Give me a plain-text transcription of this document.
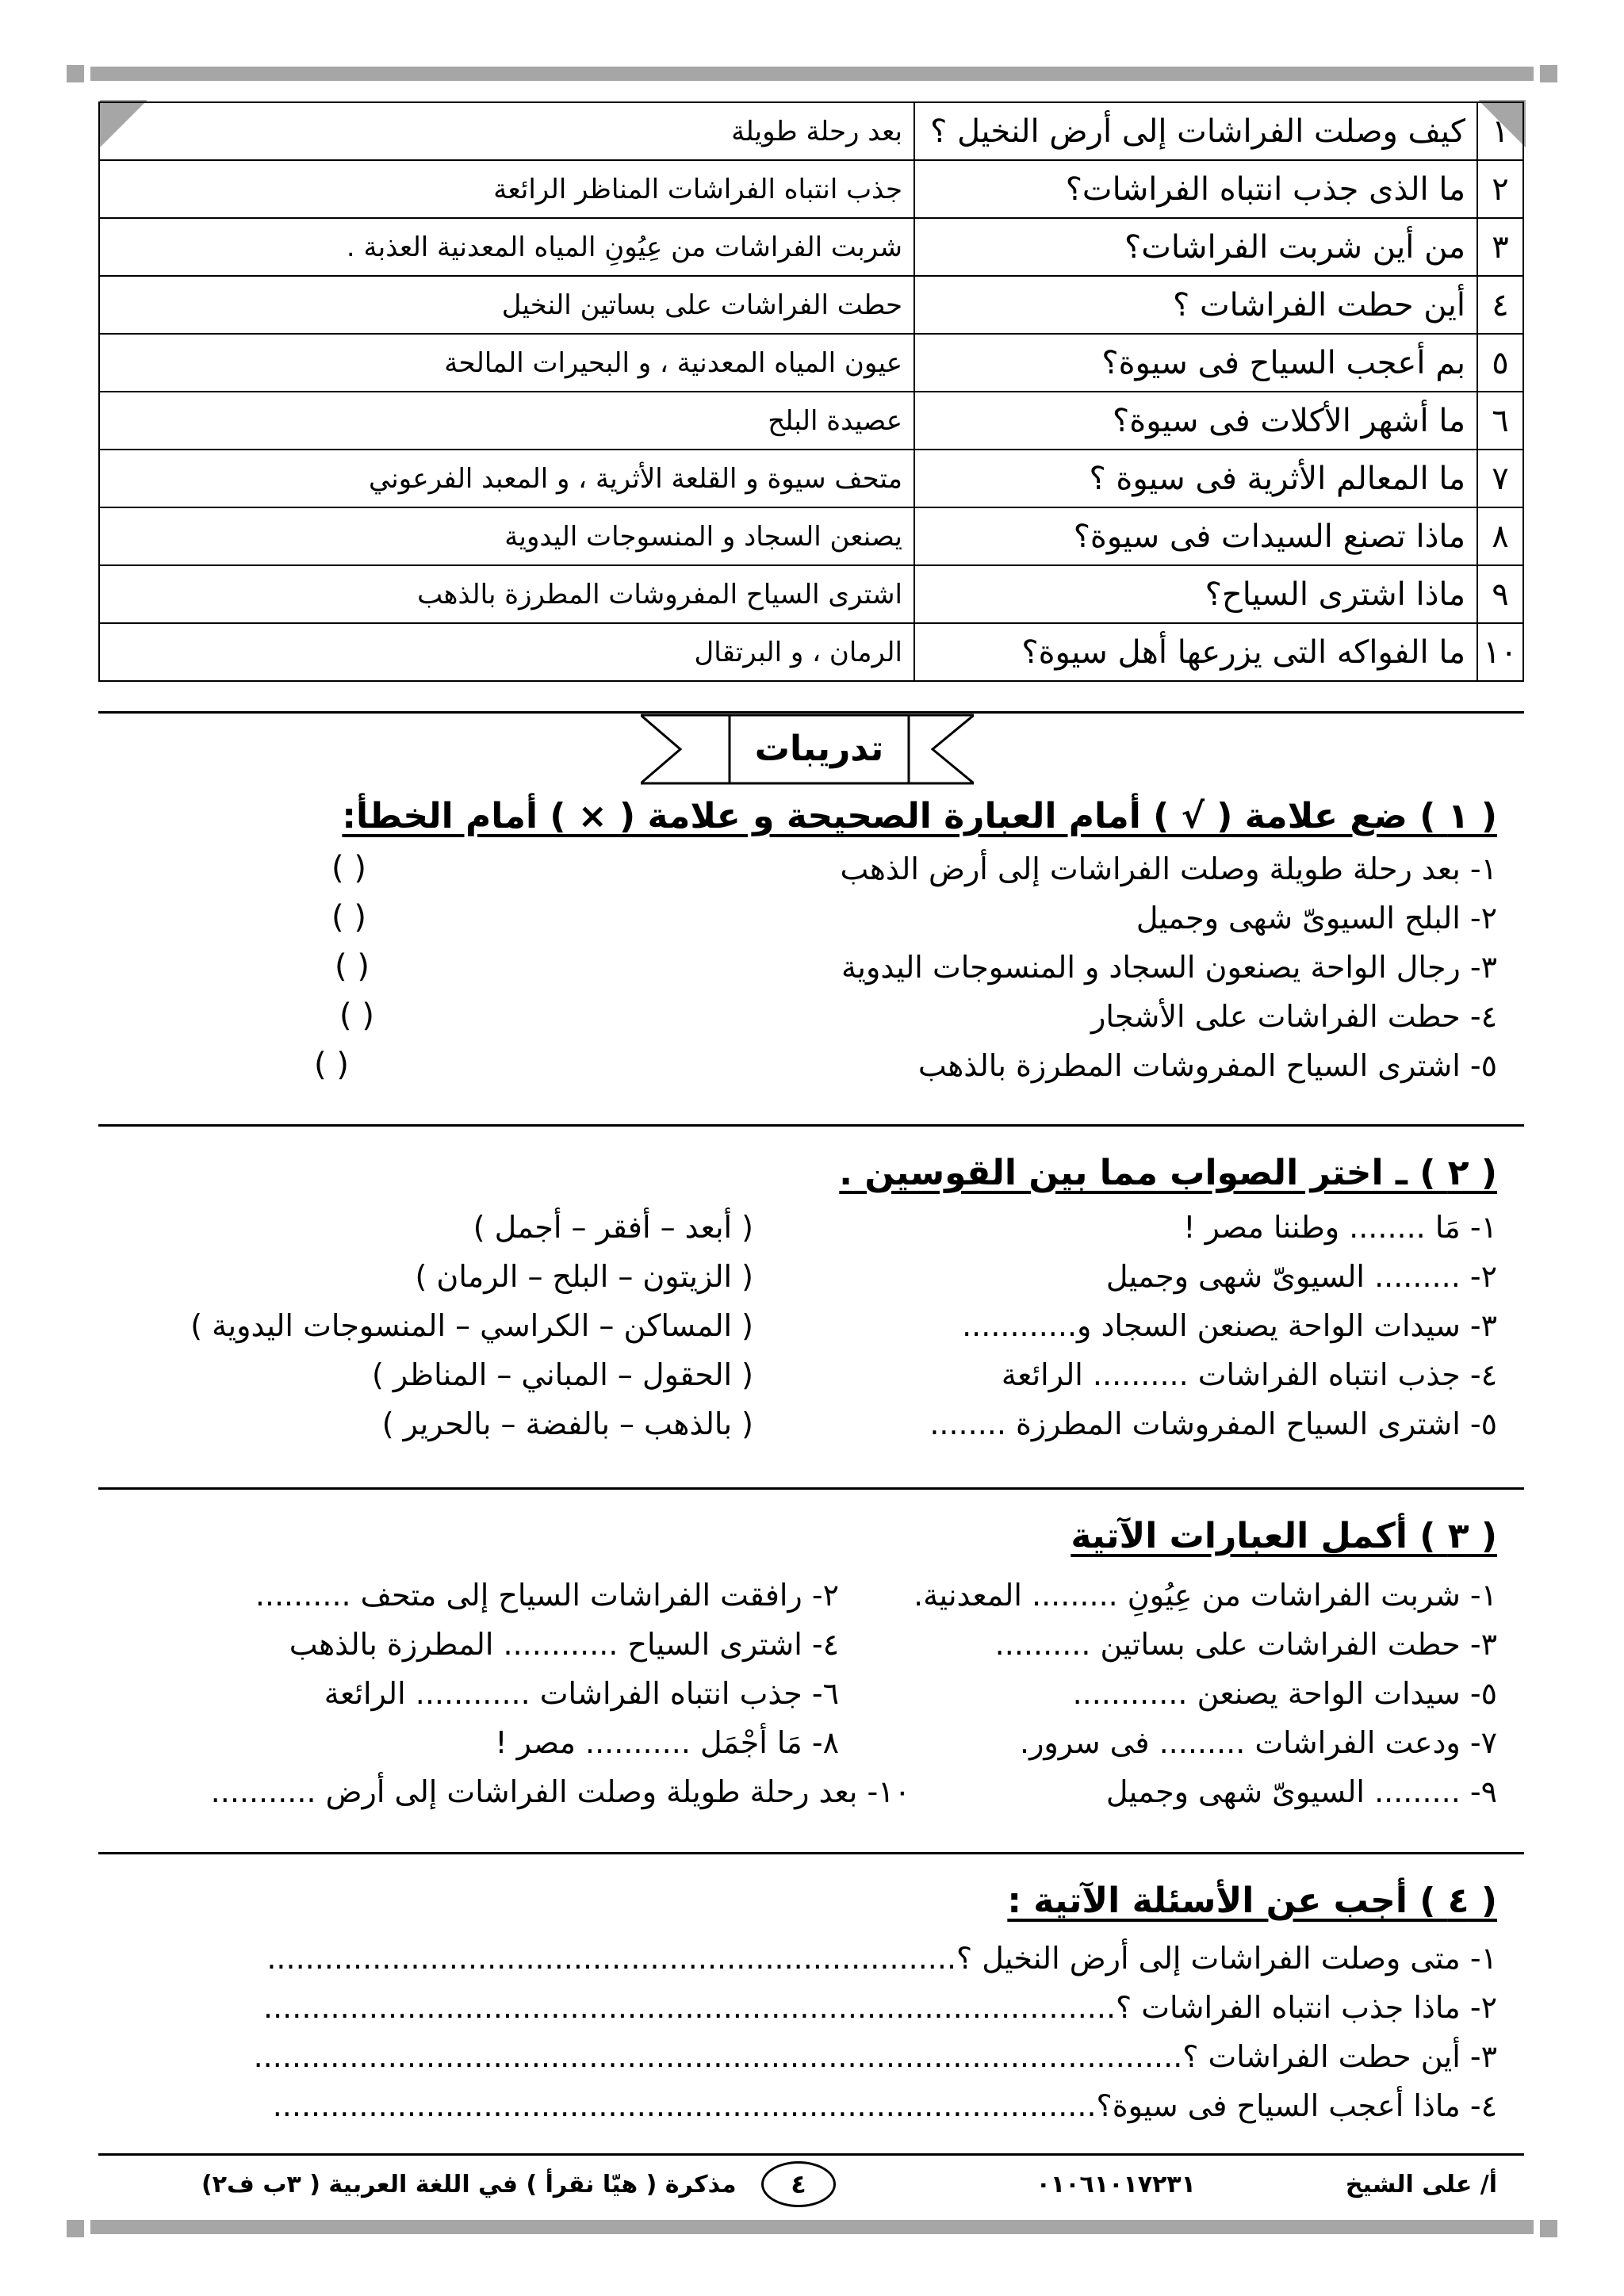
١	كيف وصلت الفراشات إلى أرض النخيل ؟	بعد رحلة طويلة
٢	ما الذى جذب انتباه الفراشات؟	جذب انتباه الفراشات المناظر الرائعة
٣	من أين شربت الفراشات؟	شربت الفراشات من عِيُونِ المياه المعدنية العذبة .
٤	أين حطت الفراشات ؟	حطت الفراشات على بساتين النخيل
٥	بم أعجب السياح فى سيوة؟	عيون المياه المعدنية ، و البحيرات المالحة
٦	ما أشهر الأكلات فى سيوة؟	عصيدة البلح
٧	ما المعالم الأثرية فى سيوة ؟	متحف سيوة و القلعة الأثرية ، و المعبد الفرعوني
٨	ماذا تصنع السيدات فى سيوة؟	يصنعن السجاد و المنسوجات اليدوية
٩	ماذا اشترى السياح؟	اشترى السياح المفروشات المطرزة بالذهب
١٠	ما الفواكه التى يزرعها أهل سيوة؟	الرمان ، و البرتقال
تدريبات
( ١ ) ضع علامة ( √ ) أمام العبارة الصحيحة و علامة ( × ) أمام الخطأ:
١- بعد رحلة طويلة وصلت الفراشات إلى أرض الذهب
٢- البلح السيوىّ شهى وجميل
٣- رجال الواحة يصنعون السجاد و المنسوجات اليدوية
٤- حطت الفراشات على الأشجار
٥- اشترى السياح المفروشات المطرزة بالذهب
( )
( )
( )
( )
( )
( ٢ ) ـ اختر الصواب مما بين القوسين .
١- مَا ........ وطننا مصر !
٢- ......... السيوىّ شهى وجميل
٣- سيدات الواحة يصنعن السجاد و............
٤- جذب انتباه الفراشات .......... الرائعة
٥- اشترى السياح المفروشات المطرزة ........
( أبعد – أفقر – أجمل )
( الزيتون – البلح – الرمان )
( المساكن – الكراسي – المنسوجات اليدوية )
( الحقول – المباني – المناظر )
( بالذهب – بالفضة – بالحرير )
( ٣ ) أكمل العبارات الآتية
١- شربت الفراشات من عِيُونِ ......... المعدنية.
٣- حطت الفراشات على بساتين ..........
٥- سيدات الواحة يصنعن ............
٧- ودعت الفراشات ......... فى سرور.
٩- ......... السيوىّ شهى وجميل
٢- رافقت الفراشات السياح إلى متحف ..........
٤- اشترى السياح ............ المطرزة بالذهب
٦- جذب انتباه الفراشات ............ الرائعة
٨- مَا أجْمَل ........... مصر !
١٠- بعد رحلة طويلة وصلت الفراشات إلى أرض ...........
( ٤ ) أجب عن الأسئلة الآتية :
١- متى وصلت الفراشات إلى أرض النخيل ؟........................................................................
٢- ماذا جذب انتباه الفراشات ؟.........................................................................................
٣- أين حطت الفراشات ؟.................................................................................................
٤- ماذا أعجب السياح فى سيوة؟......................................................................................
أ/ على الشيخ
٠١٠٦١٠١٧٢٣١
٤
مذكرة ( هيّا نقرأ ) في اللغة العربية ( ٣ب ف٢)
